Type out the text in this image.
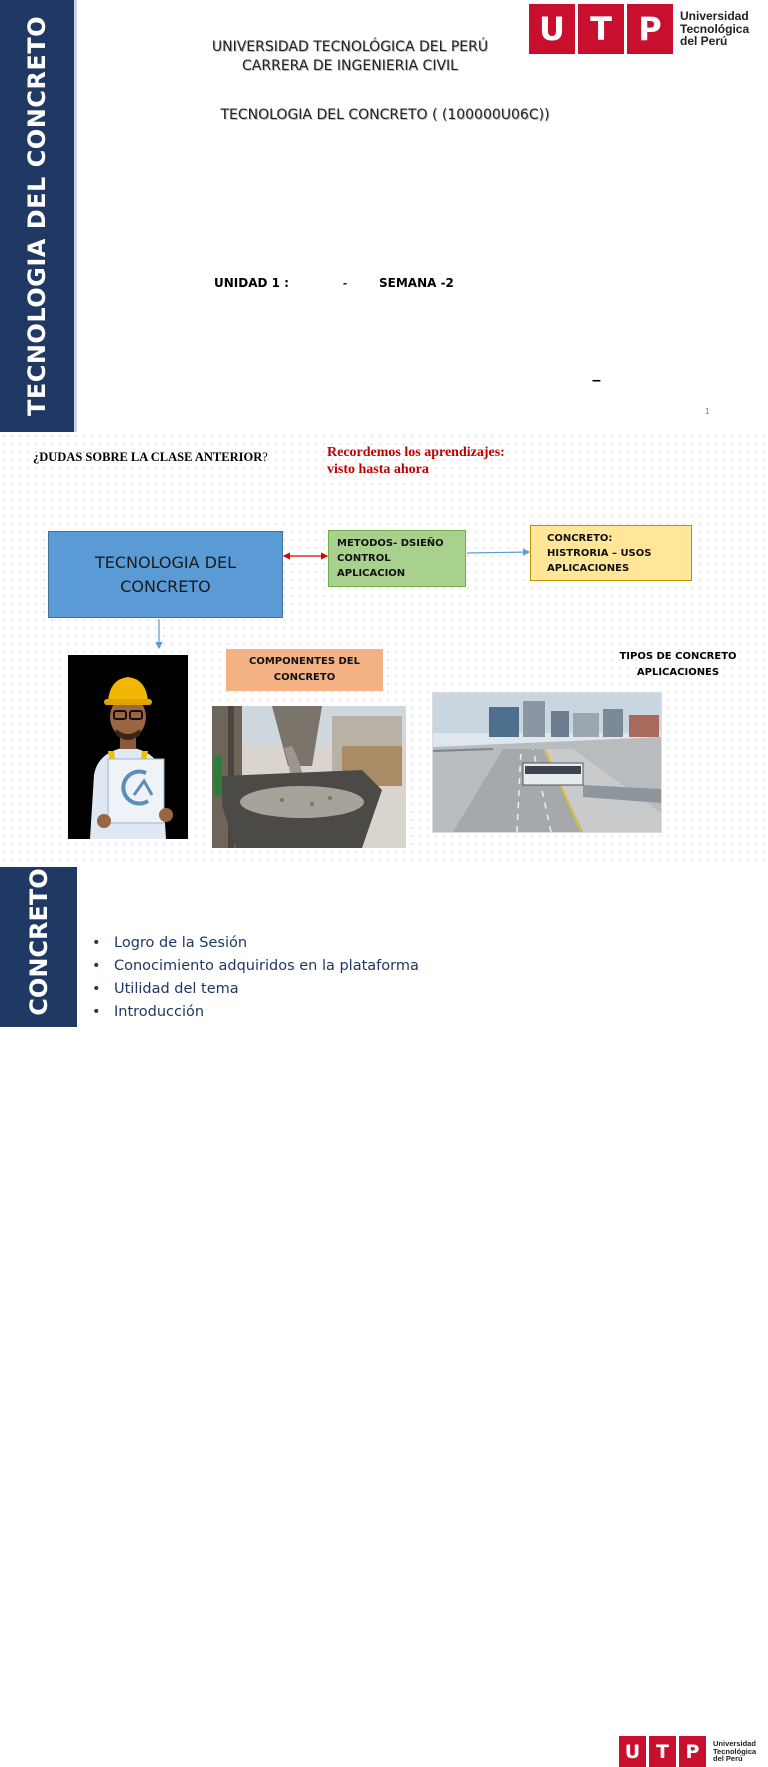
TECNOLOGIA DEL CONCRETO	U T P	Universidad
Tecnológica
del Perú
UNIVERSIDAD TECNOLÓGICA DEL PERÚ
CARRERA DE INGENIERIA CIVIL
TECNOLOGIA DEL CONCRETO ( (100000U06C))
UNIDAD 1 :	-	SEMANA -2
–
1
¿DUDAS SOBRE LA CLASE ANTERIOR?	Recordemos los aprendizajes:
visto hasta ahora
TECNOLOGIA DEL
CONCRETO
METODOS- DSIEÑO
CONTROL
APLICACION
CONCRETO:
HISTRORIA – USOS
APLICACIONES
COMPONENTES DEL
CONCRETO
TIPOS DE CONCRETO
APLICACIONES
CONCRETO
U T P	Universidad
Tecnológica
del Perú
• Logro de la Sesión
• Conocimiento adquiridos en la plataforma
• Utilidad del tema
• Introducción
